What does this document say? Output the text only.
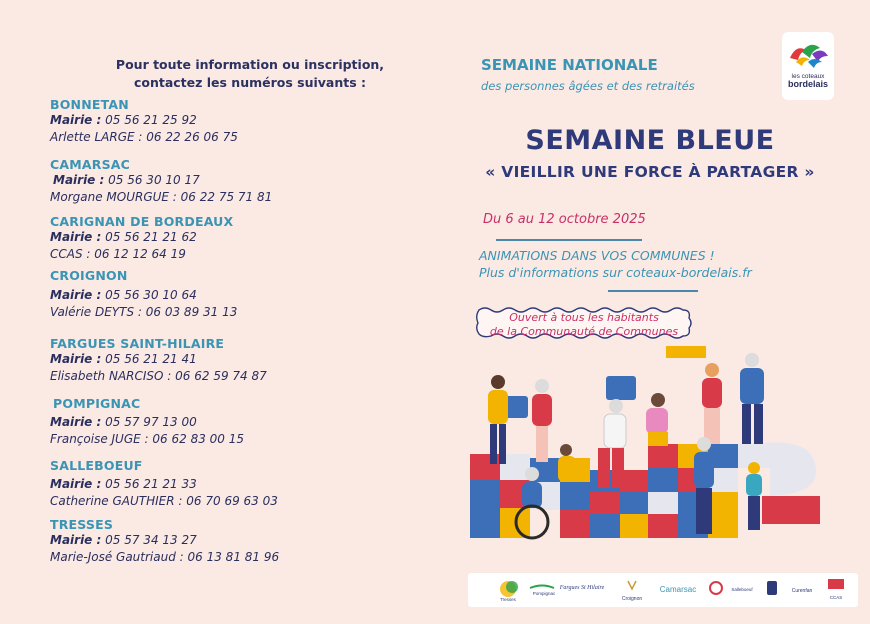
Pour toute information ou inscription,
contactez les numéros suivants :
BONNETAN
Mairie : 05 56 21 25 92
Arlette LARGE : 06 22 26 06 75
CAMARSAC
Mairie : 05 56 30 10 17
Morgane MOURGUE : 06 22 75 71 81
CARIGNAN DE BORDEAUX
Mairie : 05 56 21 21 62
CCAS : 06 12 12 64 19
CROIGNON
Mairie : 05 56 30 10 64
Valérie DEYTS : 06 03 89 31 13
FARGUES SAINT-HILAIRE
Mairie : 05 56 21 21 41
Elisabeth NARCISO : 06 62 59 74 87
POMPIGNAC
Mairie : 05 57 97 13 00
Françoise JUGE : 06 62 83 00 15
SALLEBOEUF
Mairie : 05 56 21 21 33
Catherine GAUTHIER : 06 70 69 63 03
TRESSES
Mairie : 05 57 34 13 27
Marie-José Gautriaud : 06 13 81 81 96
SEMAINE NATIONALE
des personnes âgées et des retraités
les coteaux
bordelais
SEMAINE BLEUE
« VIEILLIR UNE FORCE À PARTAGER »
Du 6 au 12 octobre 2025
ANIMATIONS DANS VOS COMMUNES !
Plus d'informations sur coteaux-bordelais.fr
Ouvert à tous les habitants
de la Communauté de Communes
Tresses
Pompignac
Fargues St Hilaire
Croignon
Camarsac	Salleboeuf	Curenfan
CCAS
